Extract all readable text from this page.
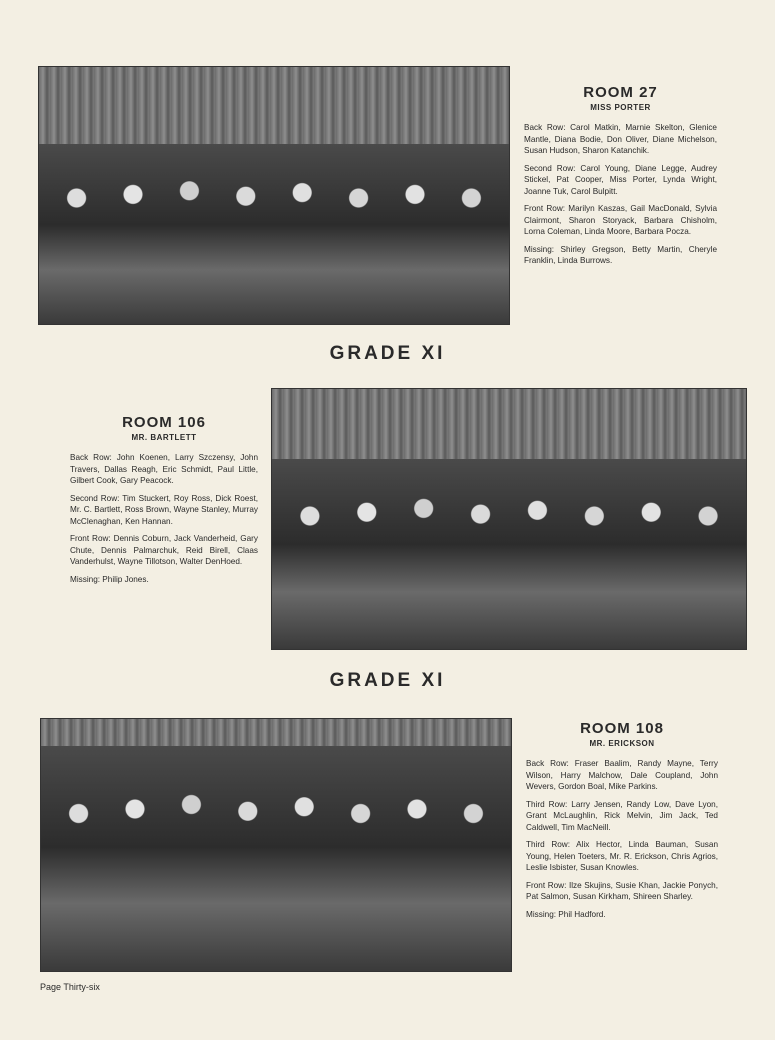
ROOM 27

MISS PORTER

Back Row: Carol Matkin, Marnie Skelton, Glenice Mantle, Diana Bodie, Don Oliver, Diane Michelson, Susan Hudson, Sharon Katanchik.

Second Row: Carol Young, Diane Legge, Audrey Stickel, Pat Cooper, Miss Porter, Lynda Wright, Joanne Tuk, Carol Bulpitt.

Front Row: Marilyn Kaszas, Gail MacDonald, Sylvia Clairmont, Sharon Storyack, Barbara Chisholm, Lorna Coleman, Linda Moore, Barbara Pocza.

Missing: Shirley Gregson, Betty Martin, Cheryle Franklin, Linda Burrows.

GRADE XI

ROOM 106

MR. BARTLETT

Back Row: John Koenen, Larry Szczensy, John Travers, Dallas Reagh, Eric Schmidt, Paul Little, Gilbert Cook, Gary Peacock.

Second Row: Tim Stuckert, Roy Ross, Dick Roest, Mr. C. Bartlett, Ross Brown, Wayne Stanley, Murray McClenaghan, Ken Hannan.

Front Row: Dennis Coburn, Jack Vanderheid, Gary Chute, Dennis Palmarchuk, Reid Birell, Claas Vanderhulst, Wayne Tillotson, Walter DenHoed.

Missing: Philip Jones.

GRADE XI

ROOM 108

MR. ERICKSON

Back Row: Fraser Baalim, Randy Mayne, Terry Wilson, Harry Malchow, Dale Coupland, John Wevers, Gordon Boal, Mike Parkins.

Third Row: Larry Jensen, Randy Low, Dave Lyon, Grant McLaughlin, Rick Melvin, Jim Jack, Ted Caldwell, Tim MacNeill.

Third Row: Alix Hector, Linda Bauman, Susan Young, Helen Toeters, Mr. R. Erickson, Chris Agrios, Leslie Isbister, Susan Knowles.

Front Row: Ilze Skujins, Susie Khan, Jackie Ponych, Pat Salmon, Susan Kirkham, Shireen Sharley.

Missing: Phil Hadford.

Page Thirty-six
